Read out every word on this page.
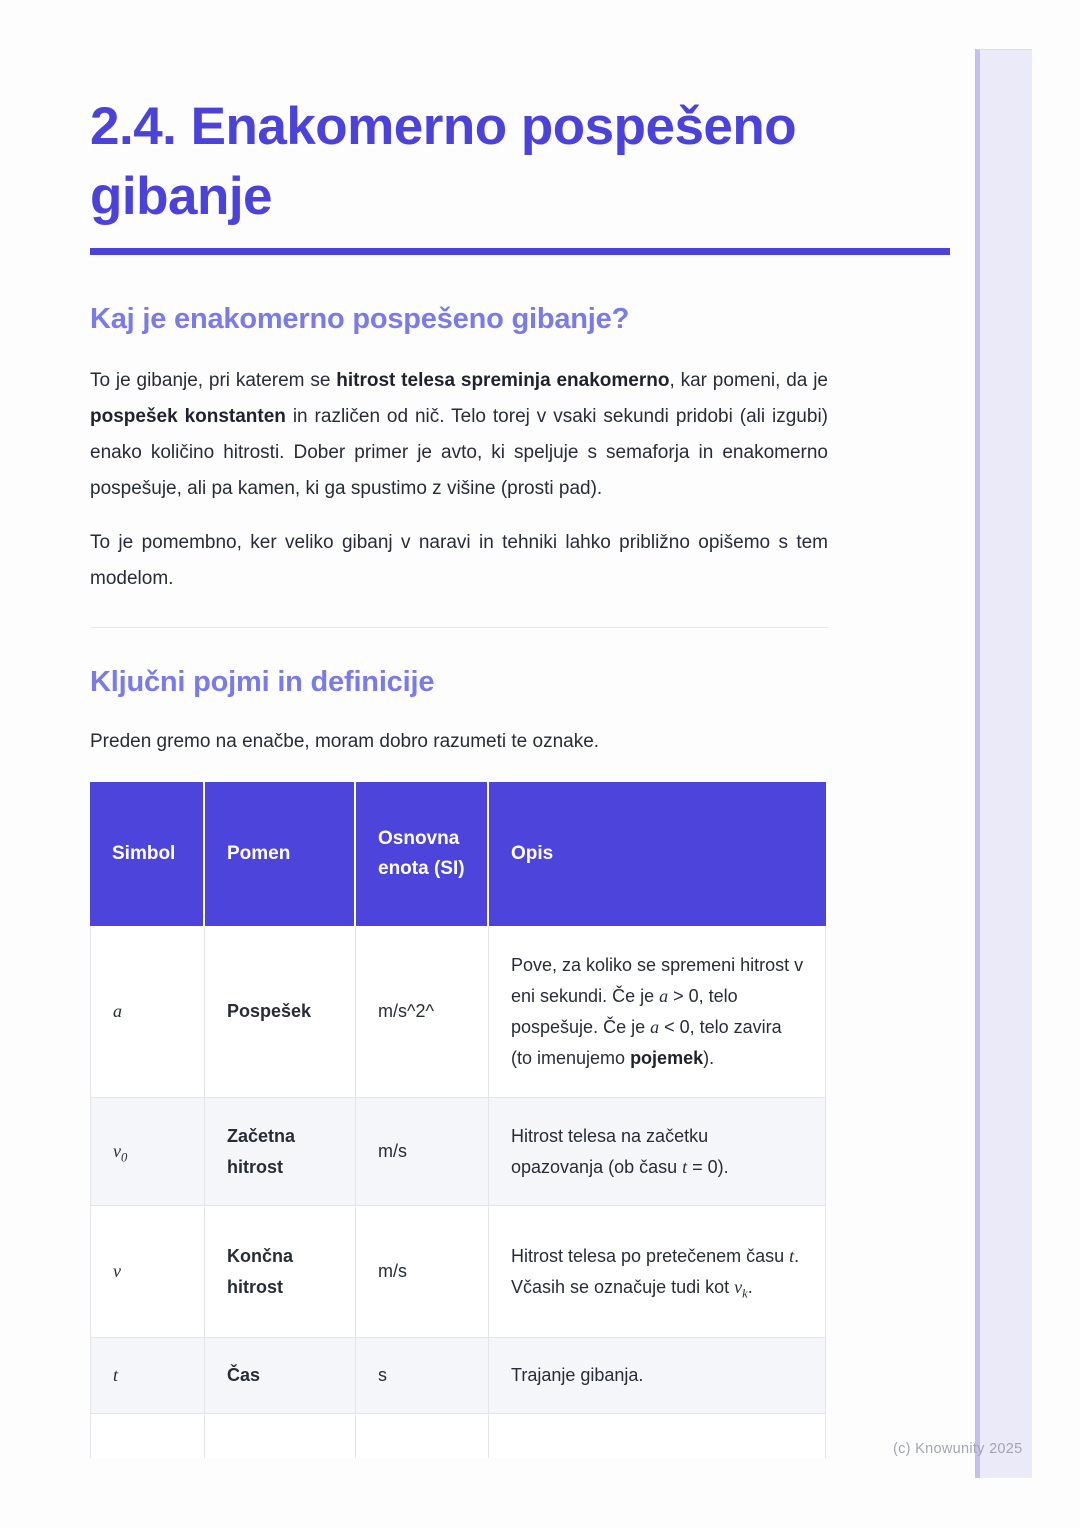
2.4. Enakomerno pospešeno gibanje
Kaj je enakomerno pospešeno gibanje?

To je gibanje, pri katerem se hitrost telesa spreminja enakomerno, kar pomeni, da je pospešek konstanten in različen od nič. Telo torej v vsaki sekundi pridobi (ali izgubi) enako količino hitrosti. Dober primer je avto, ki speljuje s semaforja in enakomerno pospešuje, ali pa kamen, ki ga spustimo z višine (prosti pad).

To je pomembno, ker veliko gibanj v naravi in tehniki lahko približno opišemo s tem modelom.

Ključni pojmi in definicije

Preden gremo na enačbe, moram dobro razumeti te oznake.

Simbol	Pomen	Osnovna enota (SI)	Opis
a	Pospešek	m/s^2^	Pove, za koliko se spremeni hitrost v eni sekundi. Če je a > 0, telo pospešuje. Če je a < 0, telo zavira (to imenujemo pojemek).
$v_0$	Začetna hitrost	m/s	Hitrost telesa na začetku opazovanja (ob času t = 0).
v	Končna hitrost	m/s	Hitrost telesa po pretečenem času t. Včasih se označuje tudi kot $v_k$.
t	Čas	s	Trajanje gibanja.

(c) Knowunity 2025
